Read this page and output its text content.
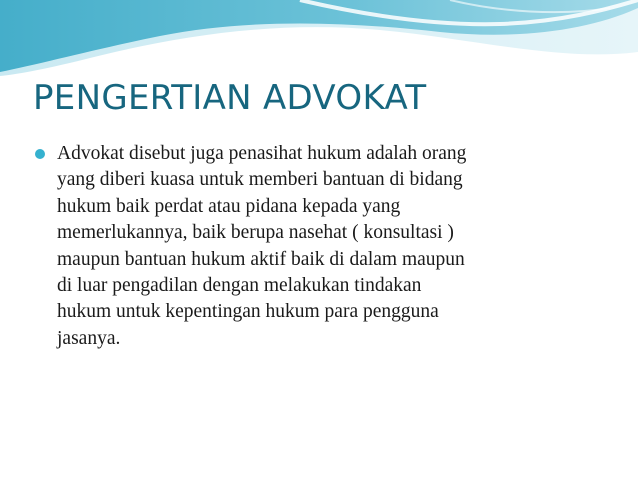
PENGERTIAN ADVOKAT
Advokat disebut juga penasihat hukum adalah orang
yang diberi kuasa untuk memberi bantuan di bidang
hukum baik perdat atau pidana kepada yang
memerlukannya, baik berupa nasehat ( konsultasi )
maupun bantuan hukum aktif baik di dalam maupun
di luar pengadilan dengan melakukan tindakan
hukum untuk kepentingan hukum para pengguna
jasanya.
